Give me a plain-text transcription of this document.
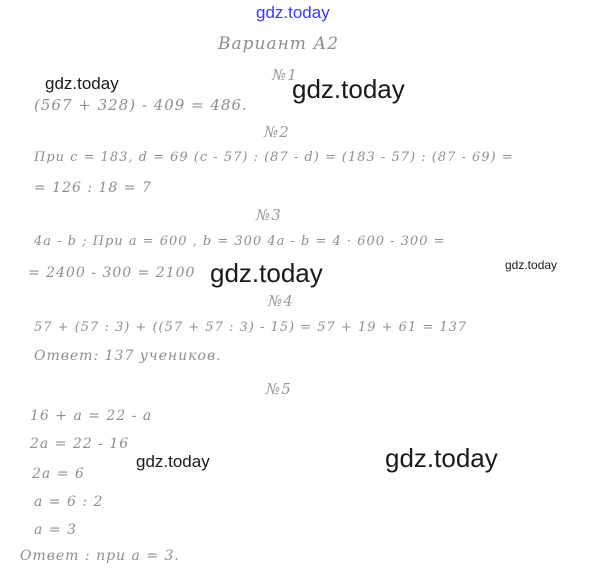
gdz.today
Вариант А2
№1
gdz.today	gdz.today
(567 + 328) - 409 = 486.
№2
При c = 183, d = 69 (c - 57) : (87 - d) = (183 - 57) : (87 - 69) =
= 126 : 18 = 7
№3
4a - b ; При a = 600 , b = 300 4a - b = 4 · 600 - 300 =
gdz.today	gdz.today
= 2400 - 300 = 2100
№4
57 + (57 : 3) + ((57 + 57 : 3) - 15) = 57 + 19 + 61 = 137
Ответ: 137 учеников.
№5
16 + a = 22 - a
2a = 22 - 16
gdz.today	gdz.today
2a = 6
a = 6 : 2
a = 3
Ответ : при a = 3.
